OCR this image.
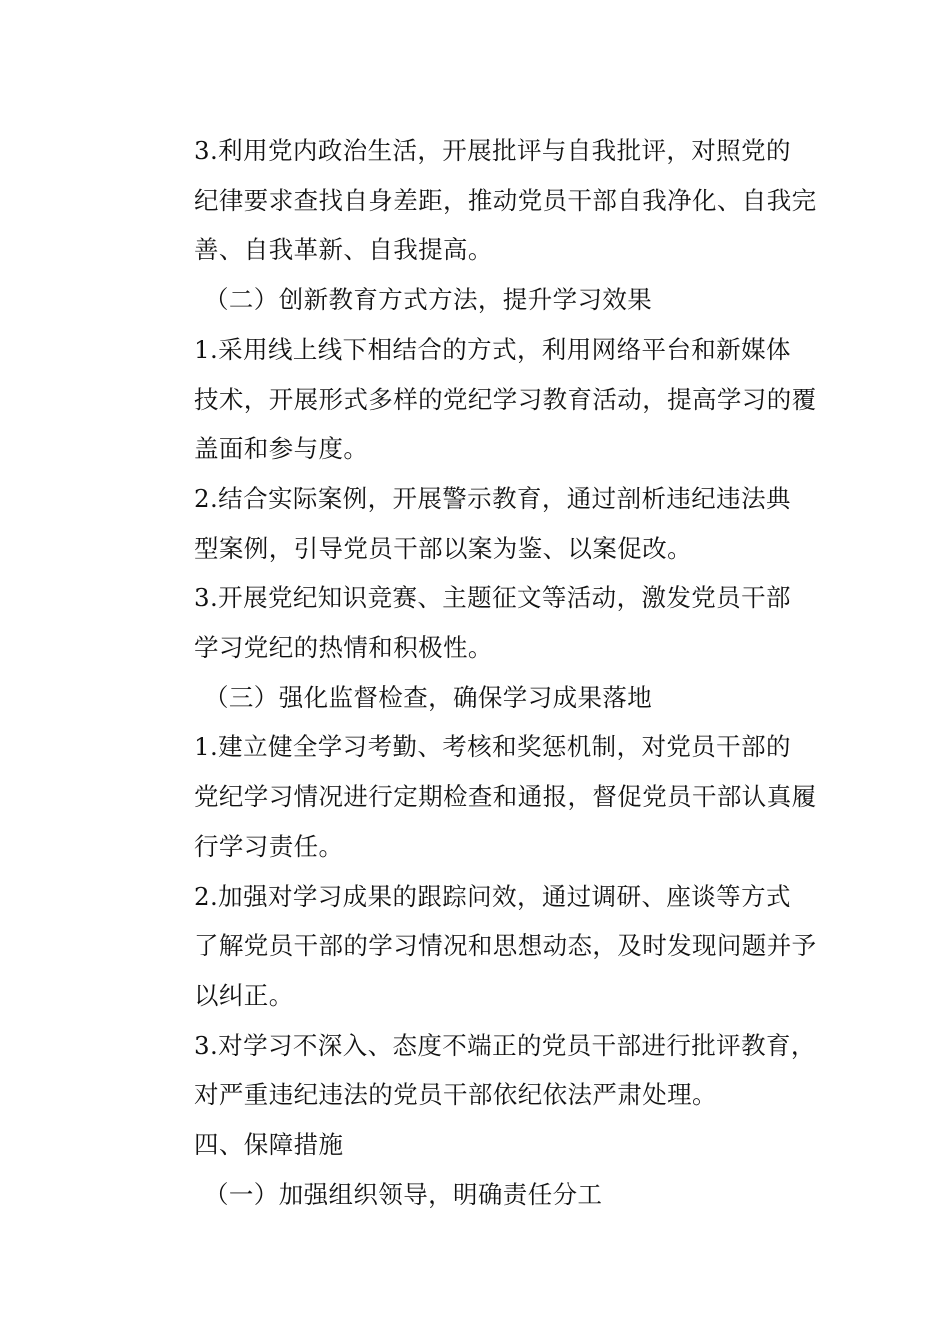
3.利用党内政治生活，开展批评与自我批评，对照党的
纪律要求查找自身差距，推动党员干部自我净化、自我完
善、自我革新、自我提高。

（二）创新教育方式方法，提升学习效果

1.采用线上线下相结合的方式，利用网络平台和新媒体
技术，开展形式多样的党纪学习教育活动，提高学习的覆
盖面和参与度。

2.结合实际案例，开展警示教育，通过剖析违纪违法典
型案例，引导党员干部以案为鉴、以案促改。

3.开展党纪知识竞赛、主题征文等活动，激发党员干部
学习党纪的热情和积极性。

（三）强化监督检查，确保学习成果落地

1.建立健全学习考勤、考核和奖惩机制，对党员干部的
党纪学习情况进行定期检查和通报，督促党员干部认真履
行学习责任。

2.加强对学习成果的跟踪问效，通过调研、座谈等方式
了解党员干部的学习情况和思想动态，及时发现问题并予
以纠正。

3.对学习不深入、态度不端正的党员干部进行批评教育，
对严重违纪违法的党员干部依纪依法严肃处理。

四、保障措施

（一）加强组织领导，明确责任分工
